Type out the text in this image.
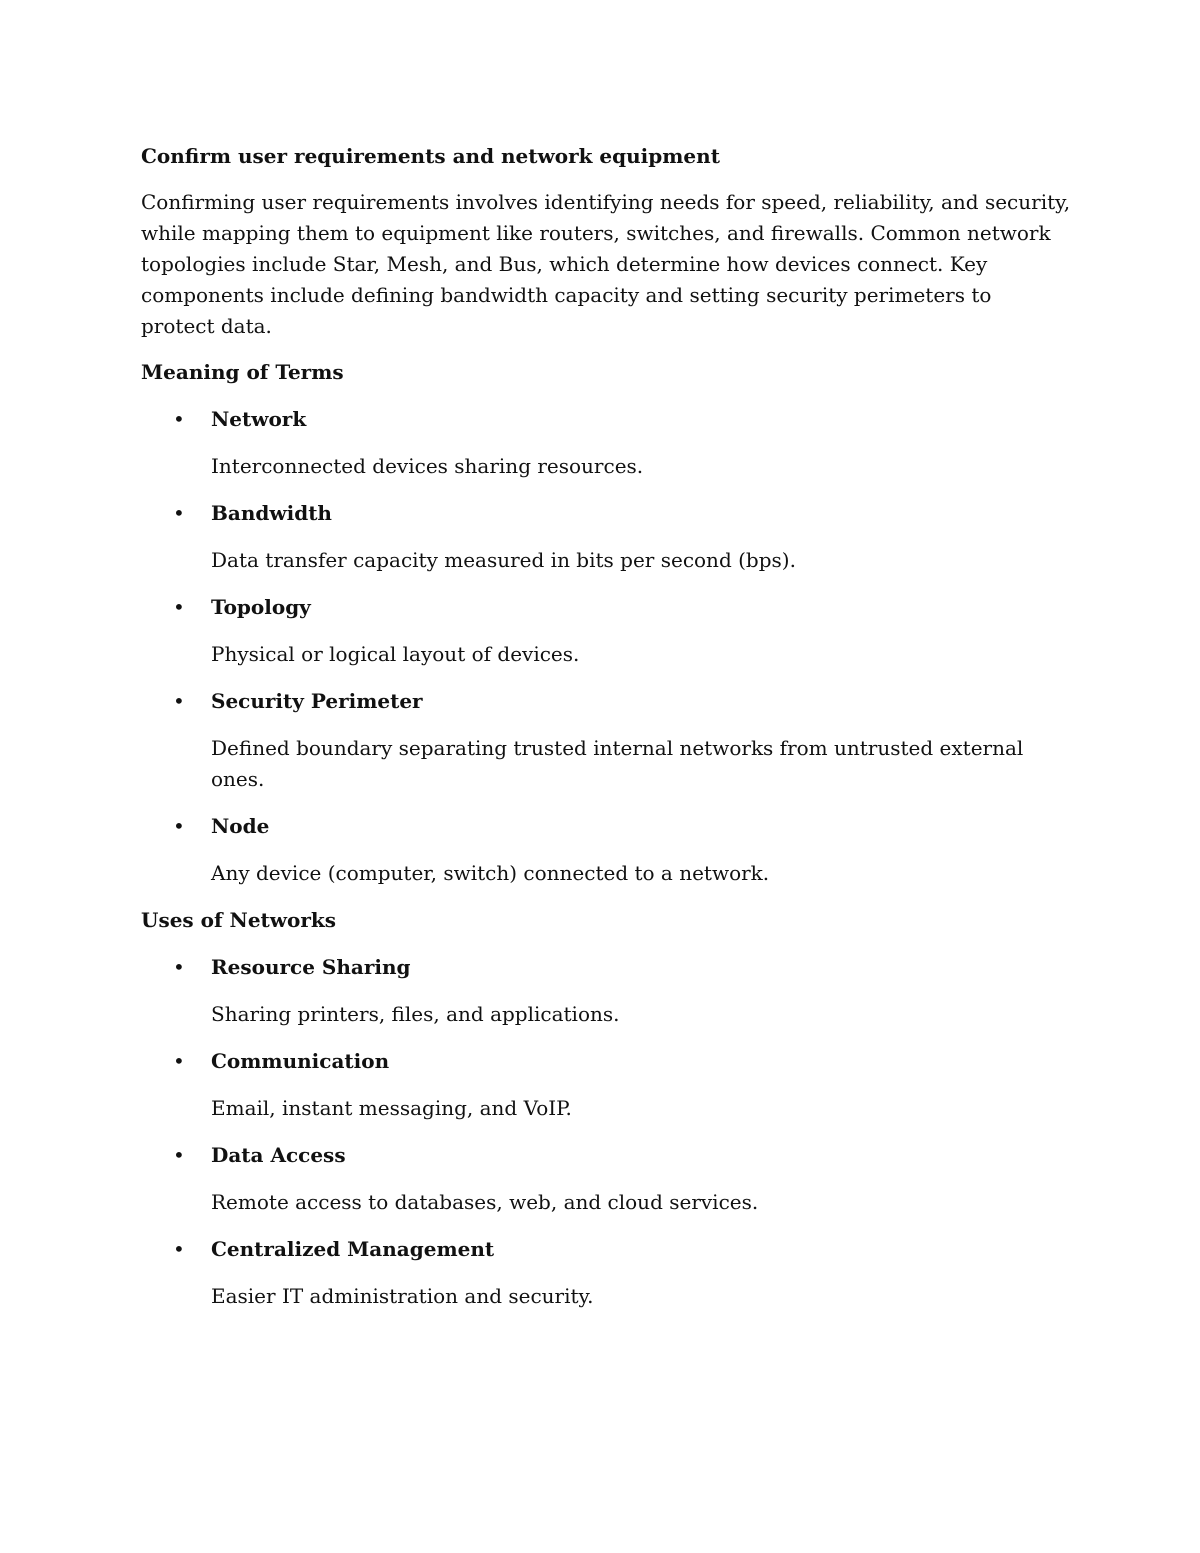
Confirm user requirements and network equipment

Confirming user requirements involves identifying needs for speed, reliability, and security, while mapping them to equipment like routers, switches, and firewalls. Common network topologies include Star, Mesh, and Bus, which determine how devices connect. Key components include defining bandwidth capacity and setting security perimeters to protect data.

Meaning of Terms

• Network
Interconnected devices sharing resources.
• Bandwidth
Data transfer capacity measured in bits per second (bps).
• Topology
Physical or logical layout of devices.
• Security Perimeter
Defined boundary separating trusted internal networks from untrusted external ones.
• Node
Any device (computer, switch) connected to a network.

Uses of Networks

• Resource Sharing
Sharing printers, files, and applications.
• Communication
Email, instant messaging, and VoIP.
• Data Access
Remote access to databases, web, and cloud services.
• Centralized Management
Easier IT administration and security.
